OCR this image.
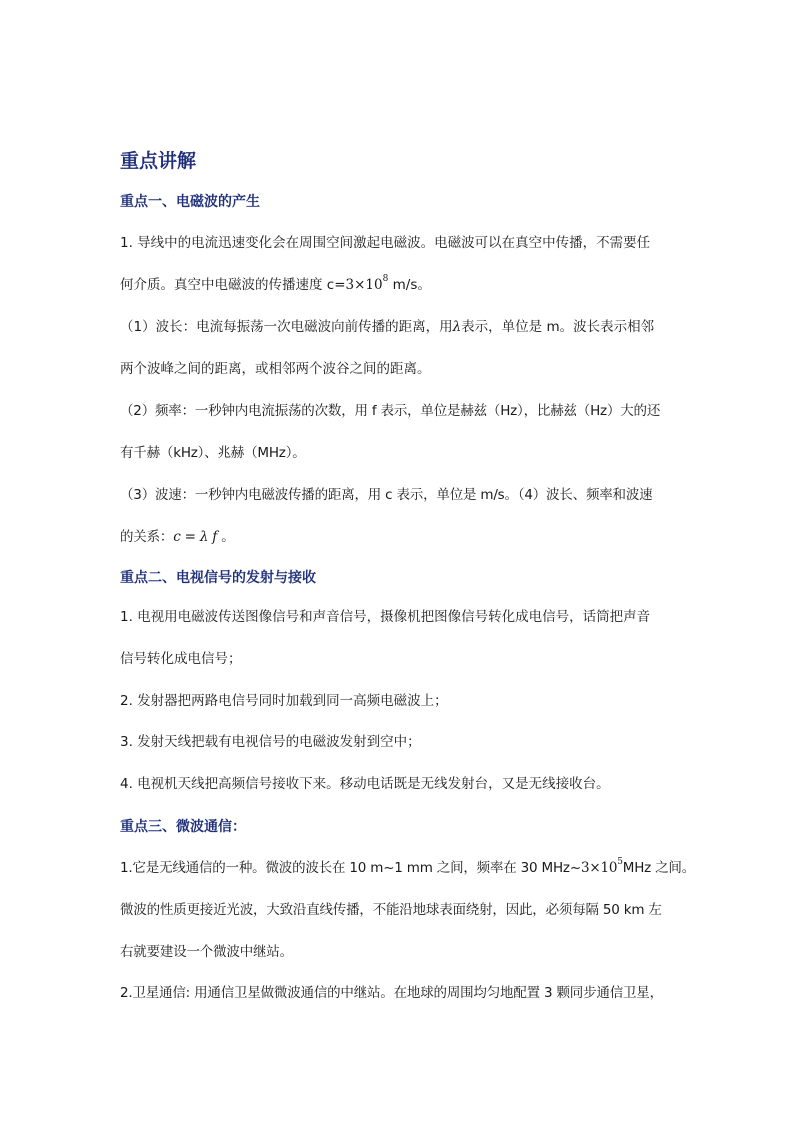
重点讲解
重点一、电磁波的产生
1. 导线中的电流迅速变化会在周围空间激起电磁波。电磁波可以在真空中传播，不需要任
何介质。真空中电磁波的传播速度 $c=3\times 10^8$ m/s。
（1）波长：电流每振荡一次电磁波向前传播的距离，用λ表示，单位是 m。波长表示相邻
两个波峰之间的距离，或相邻两个波谷之间的距离。
（2）频率：一秒钟内电流振荡的次数，用 f 表示，单位是赫兹（Hz），比赫兹（Hz）大的还
有千赫（kHz）、兆赫（MHz）。
（3）波速：一秒钟内电磁波传播的距离，用 c 表示，单位是 m/s。（4）波长、频率和波速
的关系：c = λ f 。
重点二、电视信号的发射与接收
1. 电视用电磁波传送图像信号和声音信号，摄像机把图像信号转化成电信号，话筒把声音
信号转化成电信号；
2. 发射器把两路电信号同时加载到同一高频电磁波上；
3. 发射天线把载有电视信号的电磁波发射到空中；
4. 电视机天线把高频信号接收下来。移动电话既是无线发射台，又是无线接收台。
重点三、微波通信：
1.它是无线通信的一种。微波的波长在 10 m~1 mm 之间，频率在 30 $MHz\sim 3\times 10^5MHz$ 之间。
微波的性质更接近光波，大致沿直线传播，不能沿地球表面绕射，因此，必须每隔 50 km 左
右就要建设一个微波中继站。
2.卫星通信: 用通信卫星做微波通信的中继站。在地球的周围均匀地配置 3 颗同步通信卫星，
